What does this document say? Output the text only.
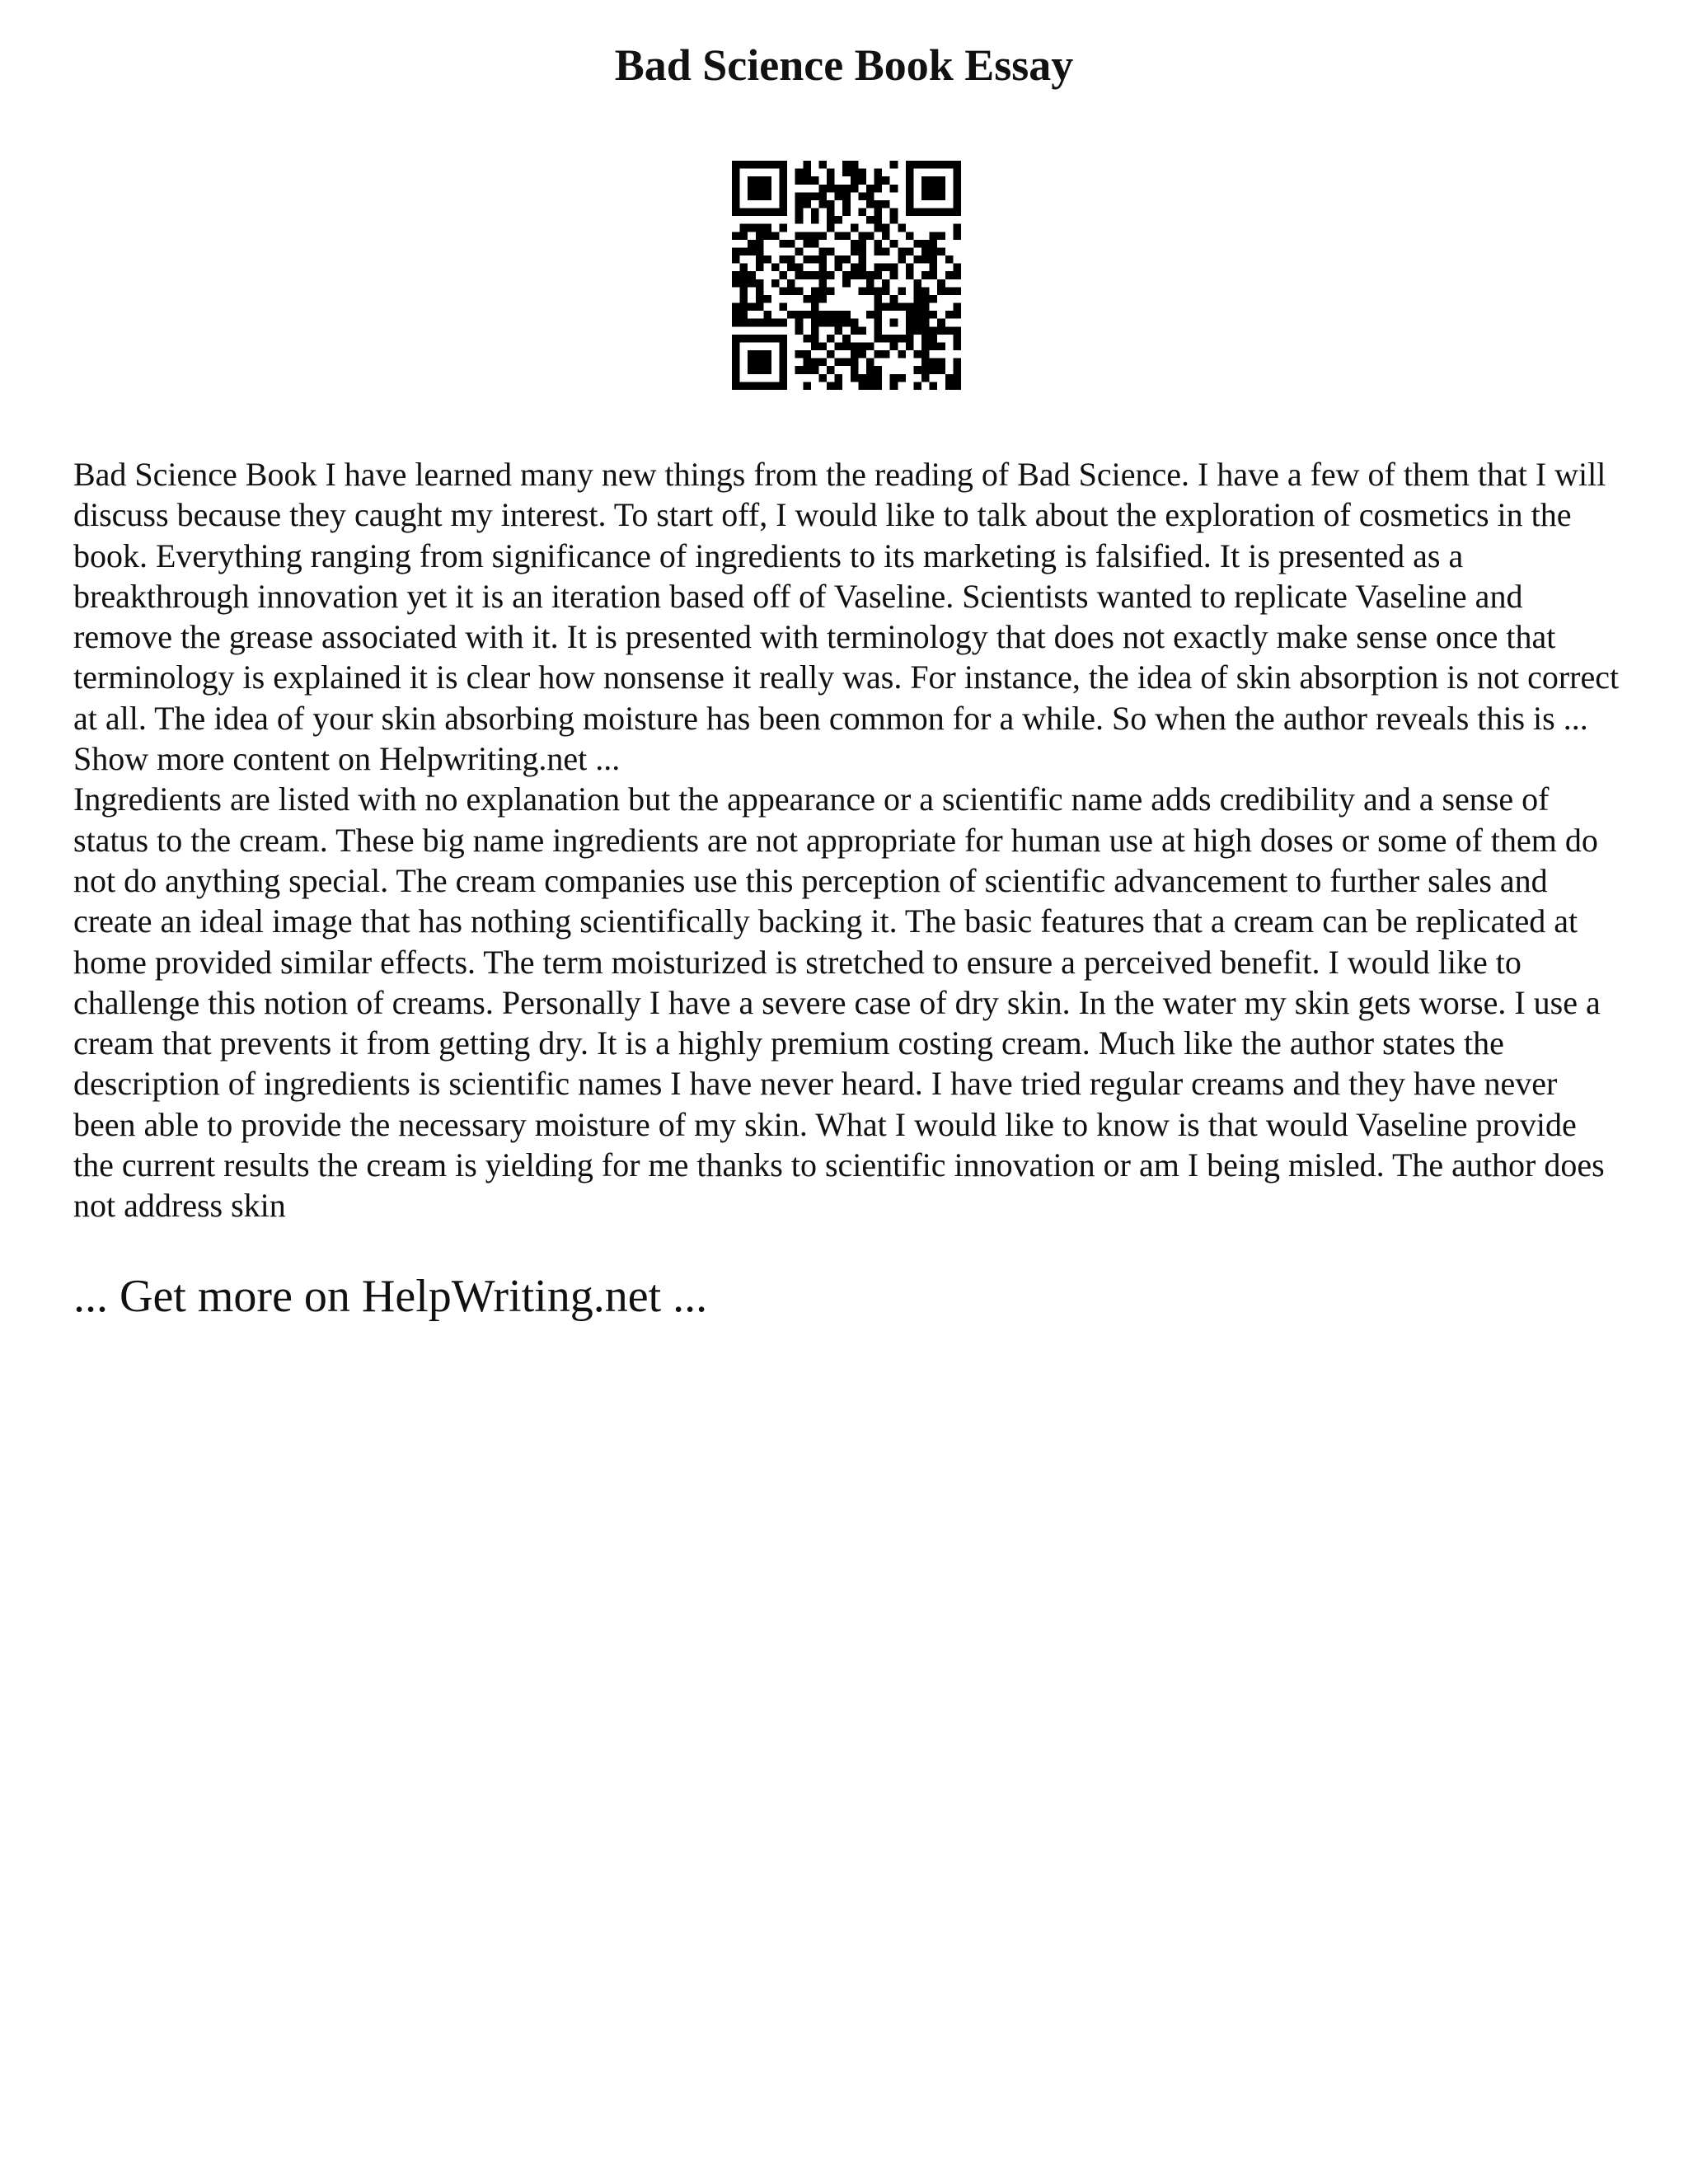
Bad Science Book Essay

Bad Science Book I have learned many new things from the reading of Bad Science. I have a few of them that I will discuss because they caught my interest. To start off, I would like to talk about the exploration of cosmetics in the book. Everything ranging from significance of ingredients to its marketing is falsified. It is presented as a breakthrough innovation yet it is an iteration based off of Vaseline. Scientists wanted to replicate Vaseline and remove the grease associated with it. It is presented with terminology that does not exactly make sense once that terminology is explained it is clear how nonsense it really was. For instance, the idea of skin absorption is not correct at all. The idea of your skin absorbing moisture has been common for a while. So when the author reveals this is ... Show more content on Helpwriting.net ...

Ingredients are listed with no explanation but the appearance or a scientific name adds credibility and a sense of status to the cream. These big name ingredients are not appropriate for human use at high doses or some of them do not do anything special. The cream companies use this perception of scientific advancement to further sales and create an ideal image that has nothing scientifically backing it. The basic features that a cream can be replicated at home provided similar effects. The term moisturized is stretched to ensure a perceived benefit. I would like to challenge this notion of creams. Personally I have a severe case of dry skin. In the water my skin gets worse. I use a cream that prevents it from getting dry. It is a highly premium costing cream. Much like the author states the description of ingredients is scientific names I have never heard. I have tried regular creams and they have never been able to provide the necessary moisture of my skin. What I would like to know is that would Vaseline provide the current results the cream is yielding for me thanks to scientific innovation or am I being misled. The author does not address skin

... Get more on HelpWriting.net ...
